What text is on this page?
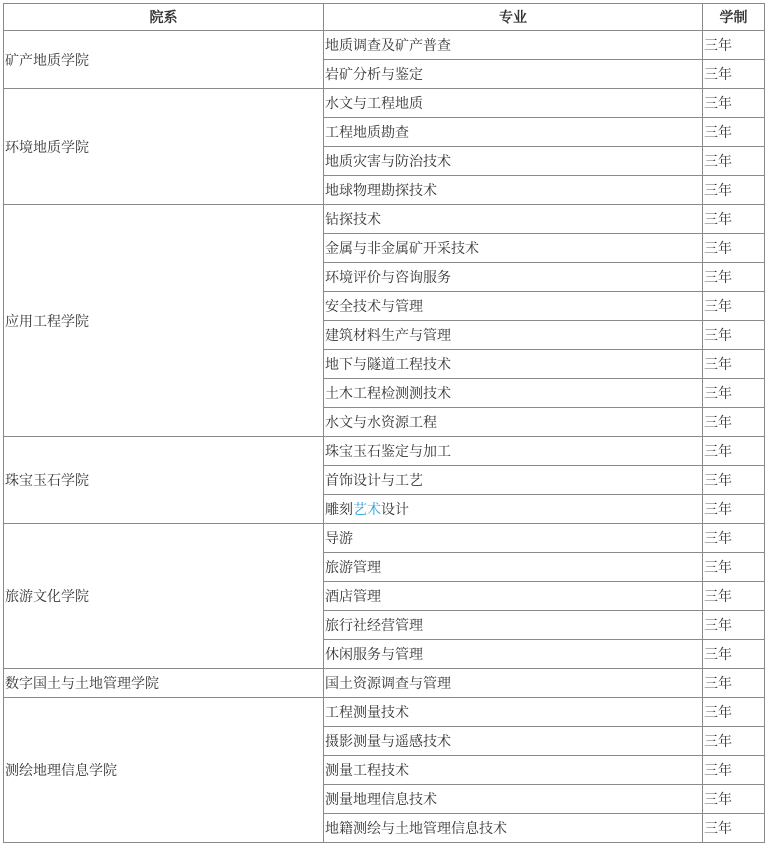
院系	专业	学制
矿产地质学院	地质调查及矿产普查	三年
	岩矿分析与鉴定	三年
环境地质学院	水文与工程地质	三年
	工程地质勘查	三年
	地质灾害与防治技术	三年
	地球物理勘探技术	三年
应用工程学院	钻探技术	三年
	金属与非金属矿开采技术	三年
	环境评价与咨询服务	三年
	安全技术与管理	三年
	建筑材料生产与管理	三年
	地下与隧道工程技术	三年
	土木工程检测测技术	三年
	水文与水资源工程	三年
珠宝玉石学院	珠宝玉石鉴定与加工	三年
	首饰设计与工艺	三年
	雕刻艺术设计	三年
旅游文化学院	导游	三年
	旅游管理	三年
	酒店管理	三年
	旅行社经营管理	三年
	休闲服务与管理	三年
数字国土与土地管理学院	国土资源调查与管理	三年
测绘地理信息学院	工程测量技术	三年
	摄影测量与遥感技术	三年
	测量工程技术	三年
	测量地理信息技术	三年
	地籍测绘与土地管理信息技术	三年
